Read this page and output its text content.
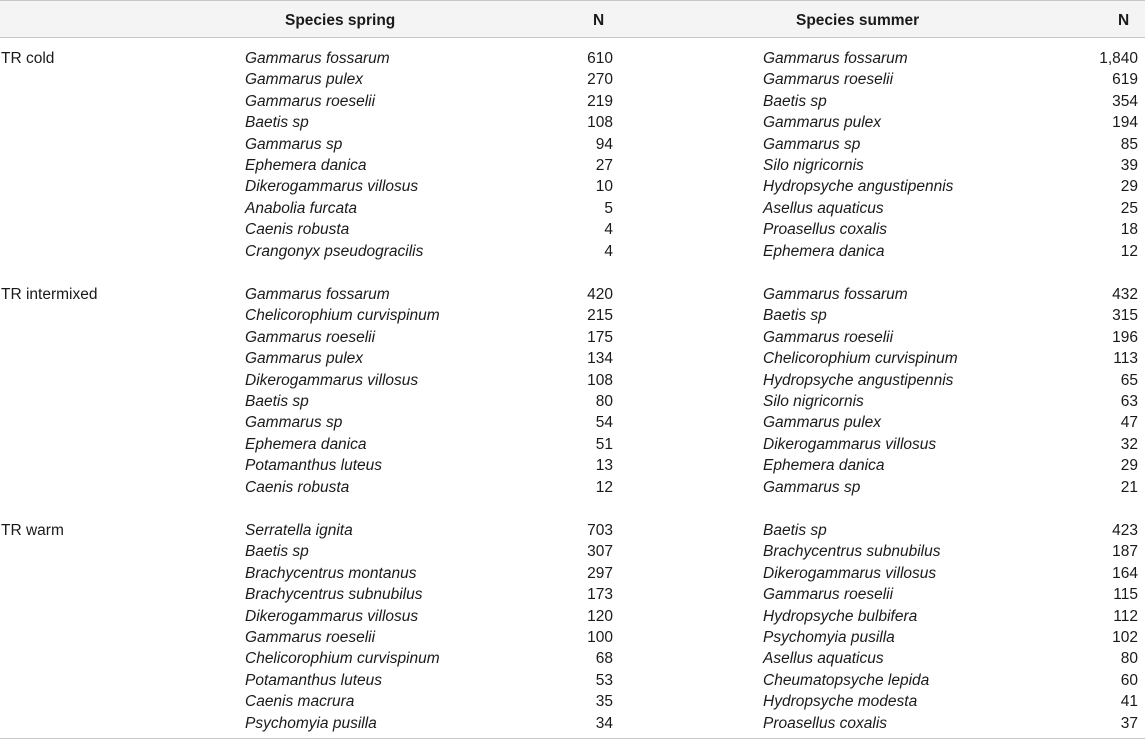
Species spring	N	Species summer	N
TR cold	Gammarus fossarum	610	Gammarus fossarum	1,840
Gammarus pulex	270	Gammarus roeselii	619
Gammarus roeselii	219	Baetis sp	354
Baetis sp	108	Gammarus pulex	194
Gammarus sp	94	Gammarus sp	85
Ephemera danica	27	Silo nigricornis	39
Dikerogammarus villosus	10	Hydropsyche angustipennis	29
Anabolia furcata	5	Asellus aquaticus	25
Caenis robusta	4	Proasellus coxalis	18
Crangonyx pseudogracilis	4	Ephemera danica	12
TR intermixed	Gammarus fossarum	420	Gammarus fossarum	432
Chelicorophium curvispinum	215	Baetis sp	315
Gammarus roeselii	175	Gammarus roeselii	196
Gammarus pulex	134	Chelicorophium curvispinum	113
Dikerogammarus villosus	108	Hydropsyche angustipennis	65
Baetis sp	80	Silo nigricornis	63
Gammarus sp	54	Gammarus pulex	47
Ephemera danica	51	Dikerogammarus villosus	32
Potamanthus luteus	13	Ephemera danica	29
Caenis robusta	12	Gammarus sp	21
TR warm	Serratella ignita	703	Baetis sp	423
Baetis sp	307	Brachycentrus subnubilus	187
Brachycentrus montanus	297	Dikerogammarus villosus	164
Brachycentrus subnubilus	173	Gammarus roeselii	115
Dikerogammarus villosus	120	Hydropsyche bulbifera	112
Gammarus roeselii	100	Psychomyia pusilla	102
Chelicorophium curvispinum	68	Asellus aquaticus	80
Potamanthus luteus	53	Cheumatopsyche lepida	60
Caenis macrura	35	Hydropsyche modesta	41
Psychomyia pusilla	34	Proasellus coxalis	37
